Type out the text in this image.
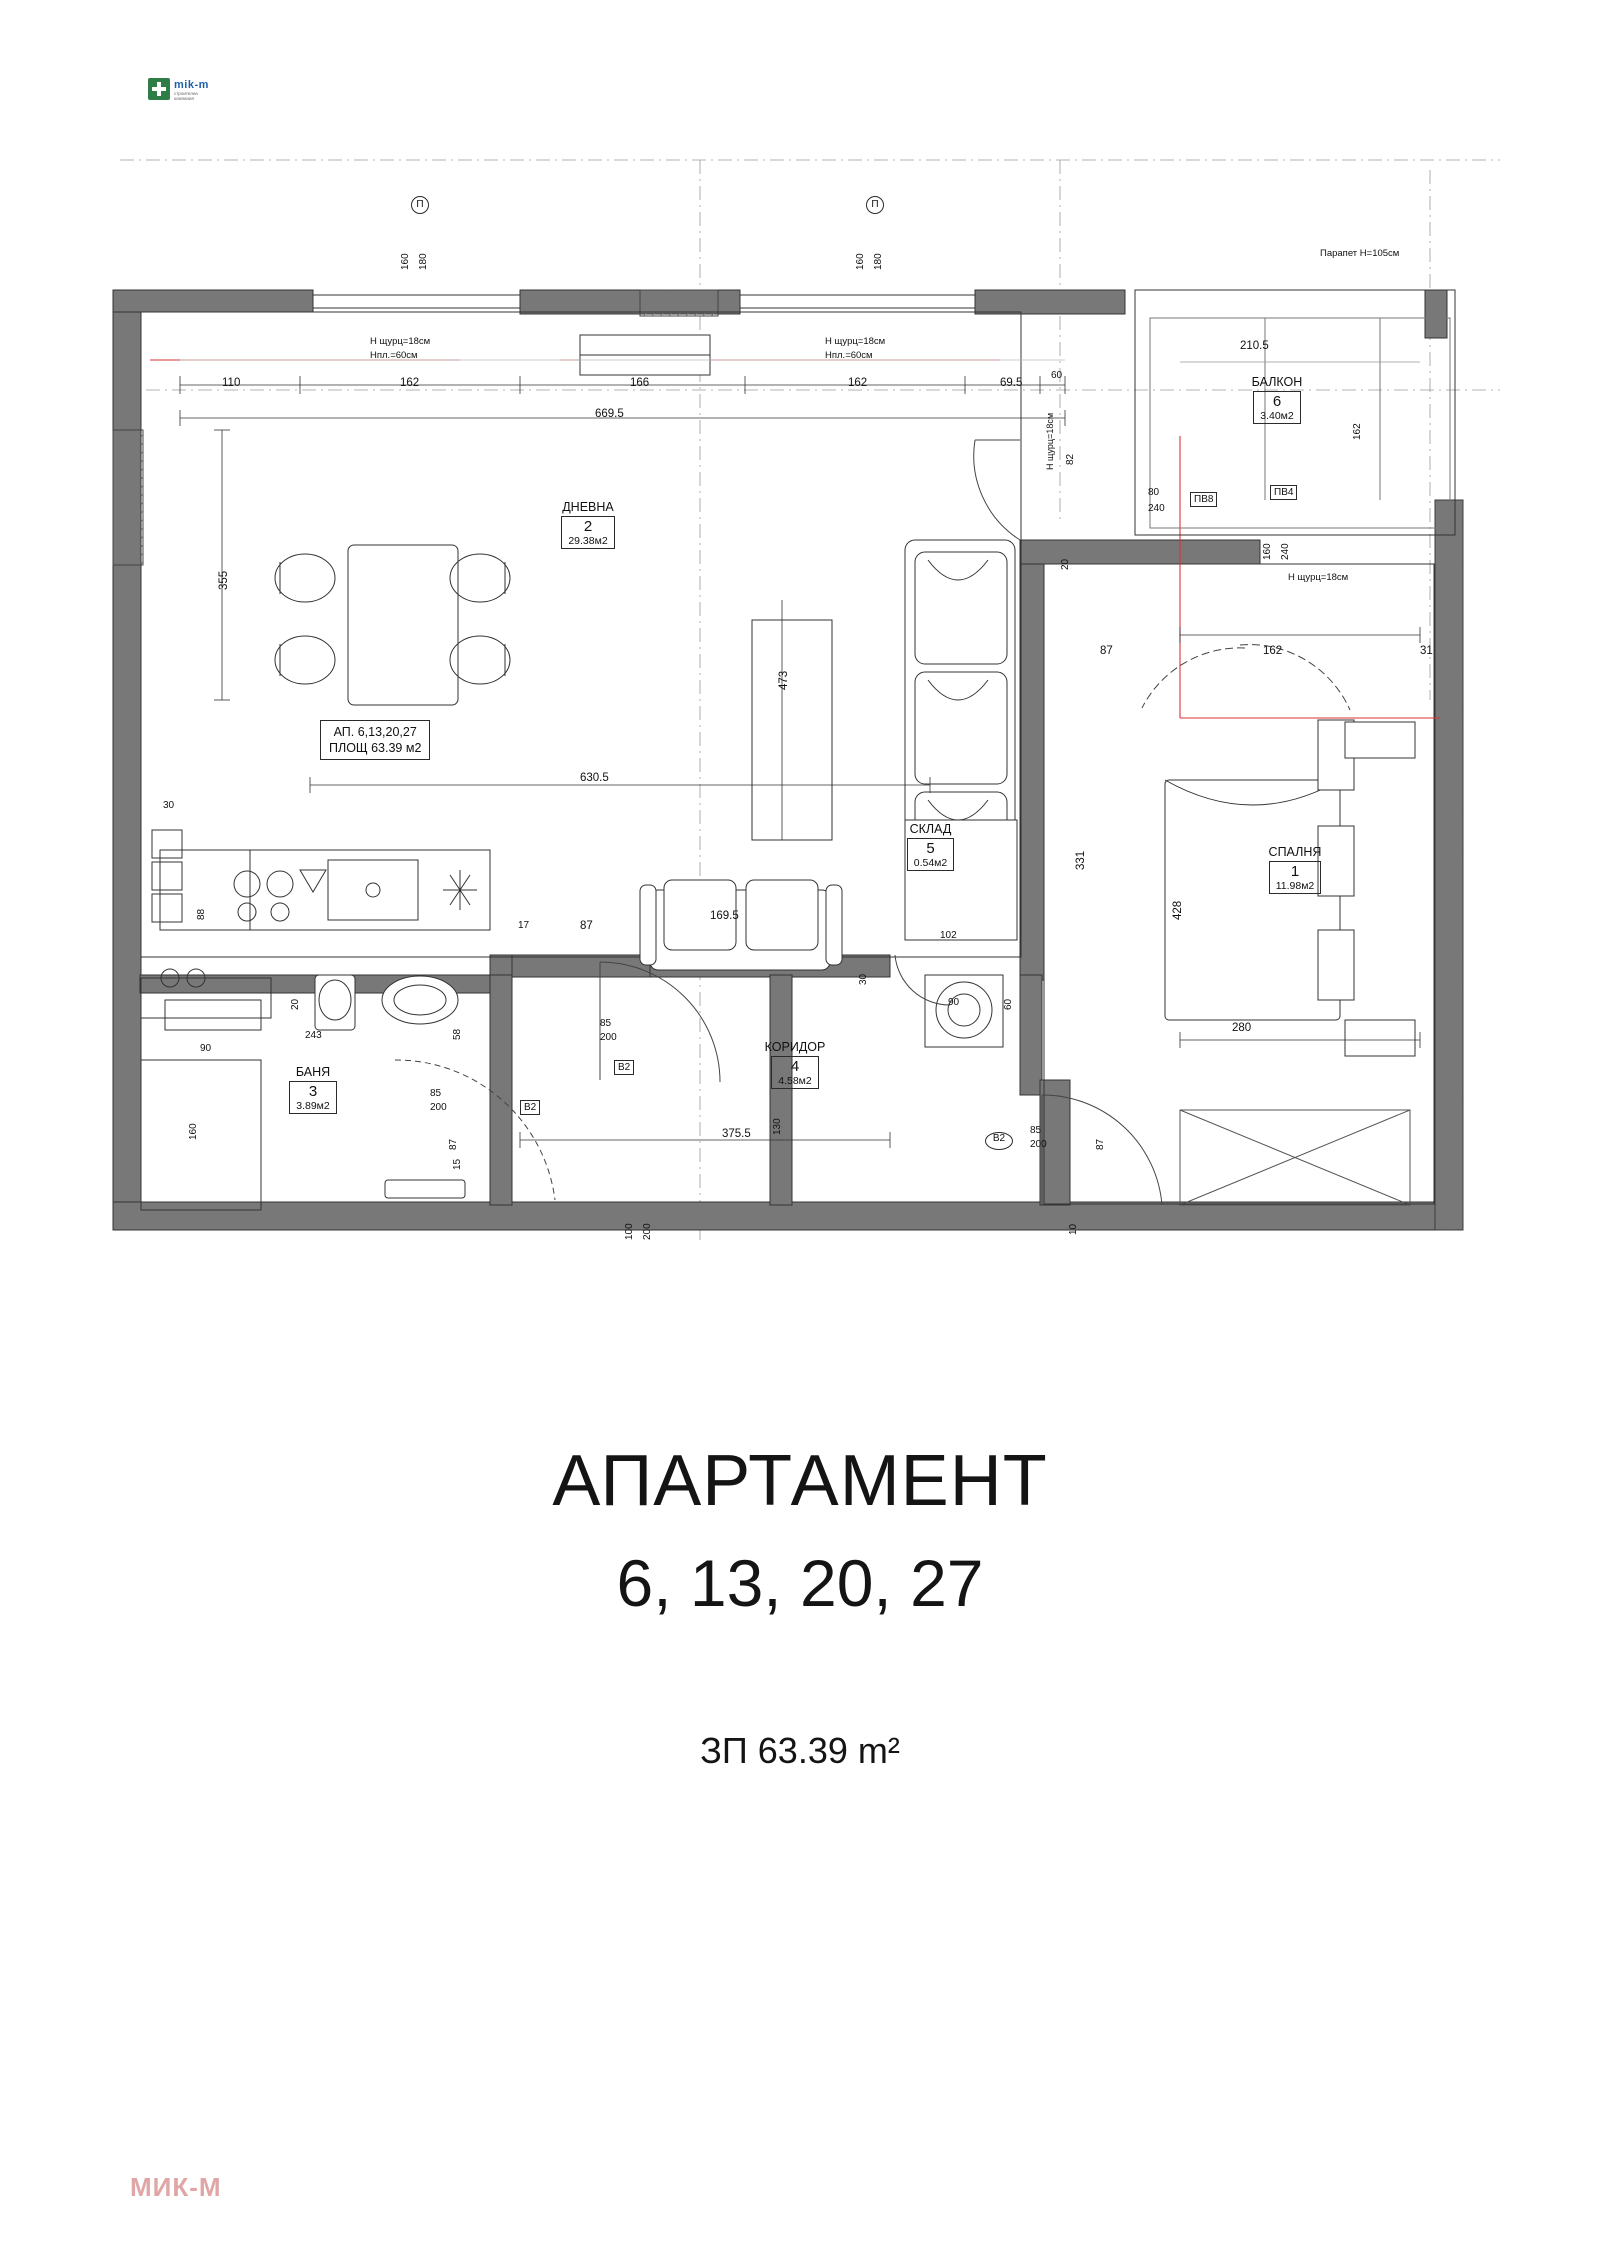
mik-m
строителна компания
H щурц=18см
Hпл.=60см
H щурц=18см
Hпл.=60см
Парапет H=105см
H щурц=18см
H щурц=18см
110	162	166	162	69.5
60
669.5
210.5
160 180	160 180
П	П
355
88
160
30
90
20
630.5
473
169.5
102
331
17	87
85
200
130
375.5
15
100 200	10
243	58
85
200
87
В2
В2
В2
85
200	87
90	60
30
87	162	31
280
428
162
80
240
ПВ8
ПВ4
160 240
82
20
ДНЕВНА
2
29.38м2
СПАЛНЯ
1
11.98м2
БАНЯ
3
3.89м2
КОРИДОР
4
4.58м2
СКЛАД
5
0.54м2
БАЛКОН
6
3.40м2
АП. 6,13,20,27
ПЛОЩ 63.39 м2
АПАРТАМЕНТ
6, 13, 20, 27
ЗП 63.39 m²
МИК-М
